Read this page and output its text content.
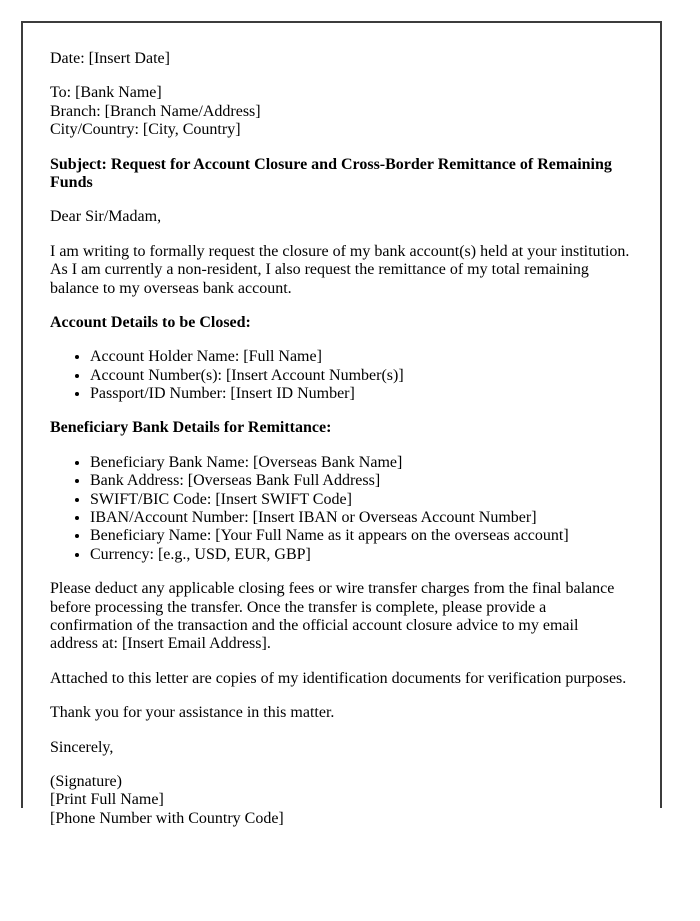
Date: [Insert Date]

To: [Bank Name]
Branch: [Branch Name/Address]
City/Country: [City, Country]

Subject: Request for Account Closure and Cross-Border Remittance of Remaining Funds

Dear Sir/Madam,

I am writing to formally request the closure of my bank account(s) held at your institution. As I am currently a non-resident, I also request the remittance of my total remaining balance to my overseas bank account.

Account Details to be Closed:

• Account Holder Name: [Full Name]
• Account Number(s): [Insert Account Number(s)]
• Passport/ID Number: [Insert ID Number]

Beneficiary Bank Details for Remittance:

• Beneficiary Bank Name: [Overseas Bank Name]
• Bank Address: [Overseas Bank Full Address]
• SWIFT/BIC Code: [Insert SWIFT Code]
• IBAN/Account Number: [Insert IBAN or Overseas Account Number]
• Beneficiary Name: [Your Full Name as it appears on the overseas account]
• Currency: [e.g., USD, EUR, GBP]

Please deduct any applicable closing fees or wire transfer charges from the final balance before processing the transfer. Once the transfer is complete, please provide a confirmation of the transaction and the official account closure advice to my email address at: [Insert Email Address].

Attached to this letter are copies of my identification documents for verification purposes.

Thank you for your assistance in this matter.

Sincerely,

(Signature)
[Print Full Name]
[Phone Number with Country Code]
